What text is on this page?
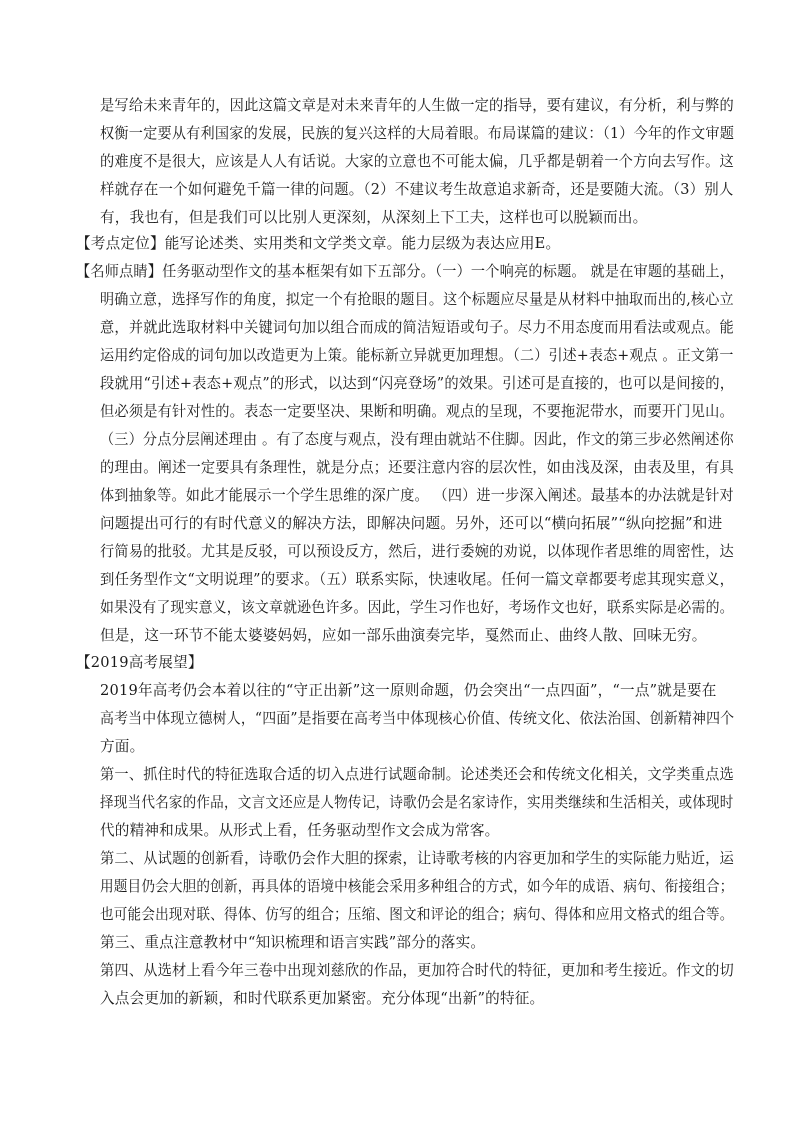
是写给未来青年的，因此这篇文章是对未来青年的人生做一定的指导，要有建议，有分析，利与弊的
权衡一定要从有利国家的发展，民族的复兴这样的大局着眼。布局谋篇的建议：（1）今年的作文审题
的难度不是很大，应该是人人有话说。大家的立意也不可能太偏，几乎都是朝着一个方向去写作。这
样就存在一个如何避免千篇一律的问题。（2）不建议考生故意追求新奇，还是要随大流。（3）别人
有，我也有，但是我们可以比别人更深刻，从深刻上下工夫，这样也可以脱颖而出。
【考点定位】能写论述类、实用类和文学类文章。能力层级为表达应用E。
【名师点睛】任务驱动型作文的基本框架有如下五部分。（一）一个响亮的标题。 就是在审题的基础上，
明确立意，选择写作的角度，拟定一个有抢眼的题目。这个标题应尽量是从材料中抽取而出的,核心立
意，并就此选取材料中关键词句加以组合而成的简洁短语或句子。尽力不用态度而用看法或观点。能
运用约定俗成的词句加以改造更为上策。能标新立异就更加理想。（二）引述+表态+观点 。正文第一
段就用“引述+表态+观点”的形式，以达到“闪亮登场”的效果。引述可是直接的，也可以是间接的，
但必须是有针对性的。表态一定要坚决、果断和明确。观点的呈现，不要拖泥带水，而要开门见山。
（三）分点分层阐述理由 。有了态度与观点，没有理由就站不住脚。因此，作文的第三步必然阐述你
的理由。阐述一定要具有条理性，就是分点；还要注意内容的层次性，如由浅及深，由表及里，有具
体到抽象等。如此才能展示一个学生思维的深广度。 （四）进一步深入阐述。最基本的办法就是针对
问题提出可行的有时代意义的解决方法，即解决问题。另外，还可以“横向拓展”“纵向挖掘”和进
行简易的批驳。尤其是反驳，可以预设反方，然后，进行委婉的劝说，以体现作者思维的周密性，达
到任务型作文“文明说理”的要求。（五）联系实际，快速收尾。任何一篇文章都要考虑其现实意义，
如果没有了现实意义，该文章就逊色许多。因此，学生习作也好，考场作文也好，联系实际是必需的。
但是，这一环节不能太婆婆妈妈，应如一部乐曲演奏完毕，戛然而止、曲终人散、回味无穷。
【2019高考展望】
2019年高考仍会本着以往的“守正出新”这一原则命题，仍会突出“一点四面”，“一点”就是要在
高考当中体现立德树人，“四面”是指要在高考当中体现核心价值、传统文化、依法治国、创新精神四个
方面。
第一、抓住时代的特征选取合适的切入点进行试题命制。论述类还会和传统文化相关，文学类重点选
择现当代名家的作品，文言文还应是人物传记，诗歌仍会是名家诗作，实用类继续和生活相关，或体现时
代的精神和成果。从形式上看，任务驱动型作文会成为常客。
第二、从试题的创新看，诗歌仍会作大胆的探索，让诗歌考核的内容更加和学生的实际能力贴近，运
用题目仍会大胆的创新，再具体的语境中核能会采用多种组合的方式，如今年的成语、病句、衔接组合；
也可能会出现对联、得体、仿写的组合；压缩、图文和评论的组合；病句、得体和应用文格式的组合等。
第三、重点注意教材中“知识梳理和语言实践”部分的落实。
第四、从选材上看今年三卷中出现刘慈欣的作品，更加符合时代的特征，更加和考生接近。作文的切
入点会更加的新颖，和时代联系更加紧密。充分体现“出新”的特征。
